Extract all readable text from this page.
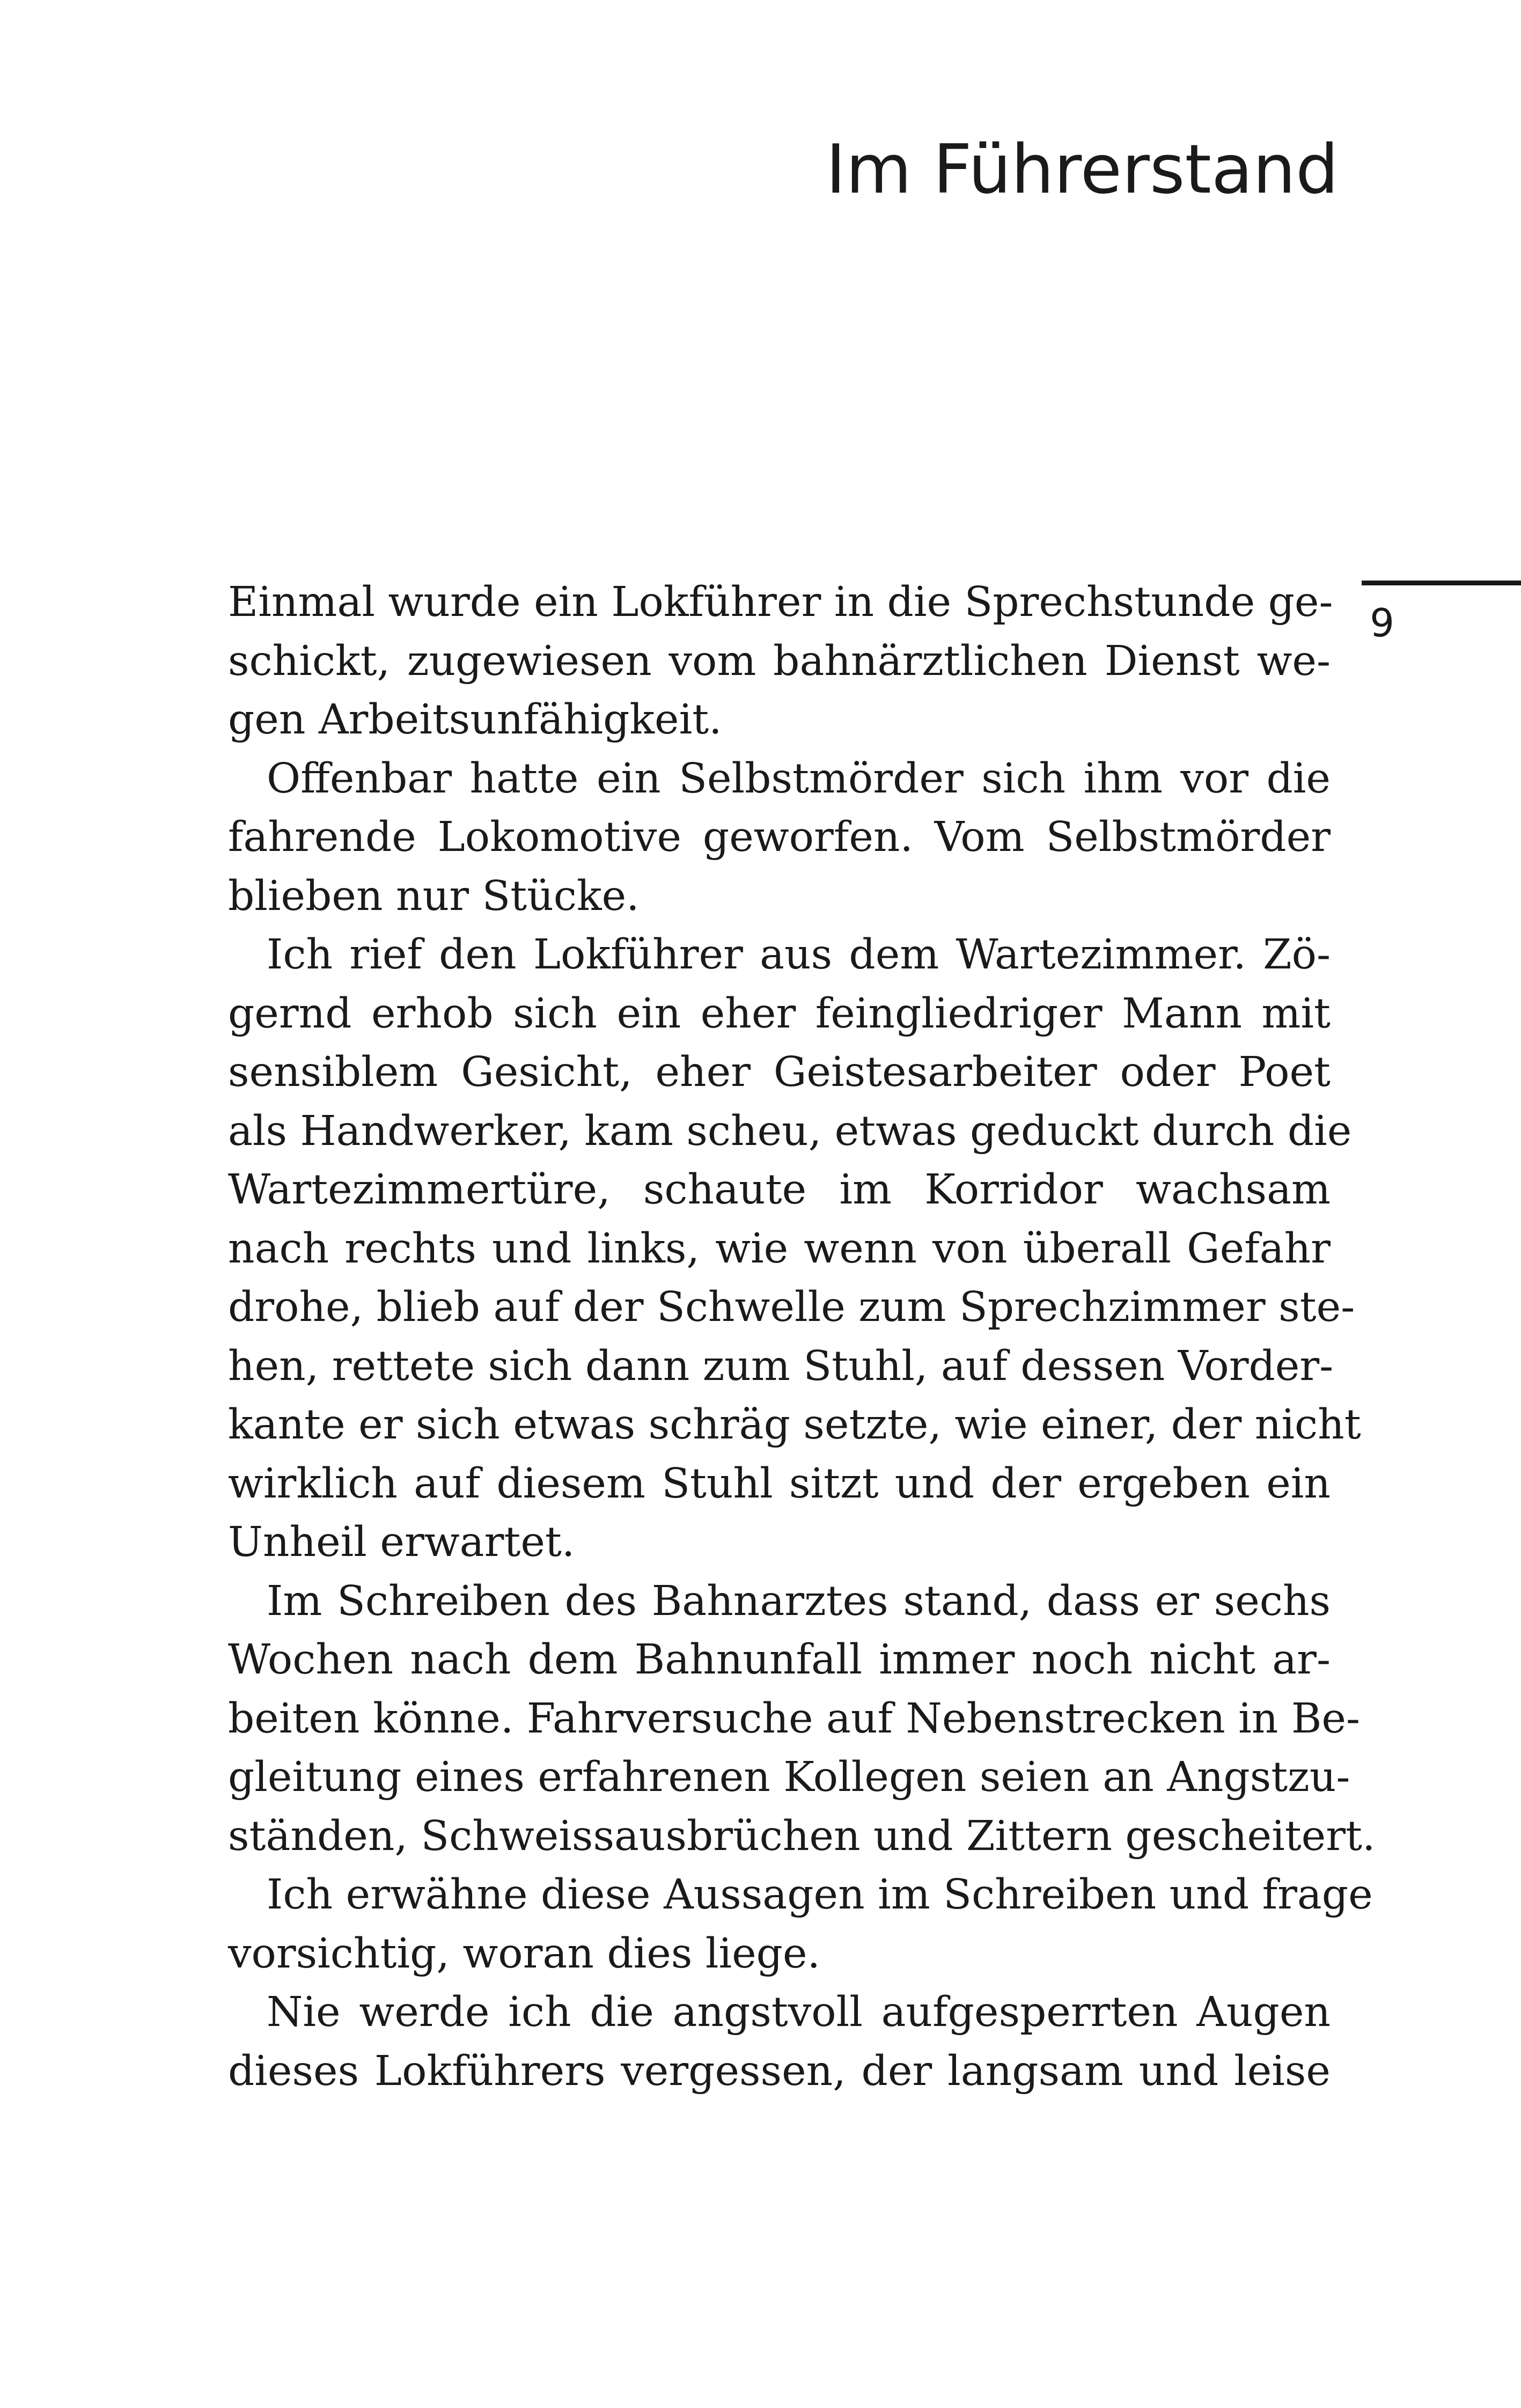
Im Führerstand
9

Einmal wurde ein Lokführer in die Sprechstunde ge-
schickt, zugewiesen vom bahnärztlichen Dienst we-
gen Arbeitsunfähigkeit.

Offenbar hatte ein Selbstmörder sich ihm vor die
fahrende Lokomotive geworfen. Vom Selbstmörder
blieben nur Stücke.

Ich rief den Lokführer aus dem Wartezimmer. Zö-
gernd erhob sich ein eher feingliedriger Mann mit
sensiblem Gesicht, eher Geistesarbeiter oder Poet
als Handwerker, kam scheu, etwas geduckt durch die
Wartezimmertüre, schaute im Korridor wachsam
nach rechts und links, wie wenn von überall Gefahr
drohe, blieb auf der Schwelle zum Sprechzimmer ste-
hen, rettete sich dann zum Stuhl, auf dessen Vorder-
kante er sich etwas schräg setzte, wie einer, der nicht
wirklich auf diesem Stuhl sitzt und der ergeben ein
Unheil erwartet.

Im Schreiben des Bahnarztes stand, dass er sechs
Wochen nach dem Bahnunfall immer noch nicht ar-
beiten könne. Fahrversuche auf Nebenstrecken in Be-
gleitung eines erfahrenen Kollegen seien an Angstzu-
ständen, Schweissausbrüchen und Zittern gescheitert.

Ich erwähne diese Aussagen im Schreiben und frage
vorsichtig, woran dies liege.

Nie werde ich die angstvoll aufgesperrten Augen
dieses Lokführers vergessen, der langsam und leise
